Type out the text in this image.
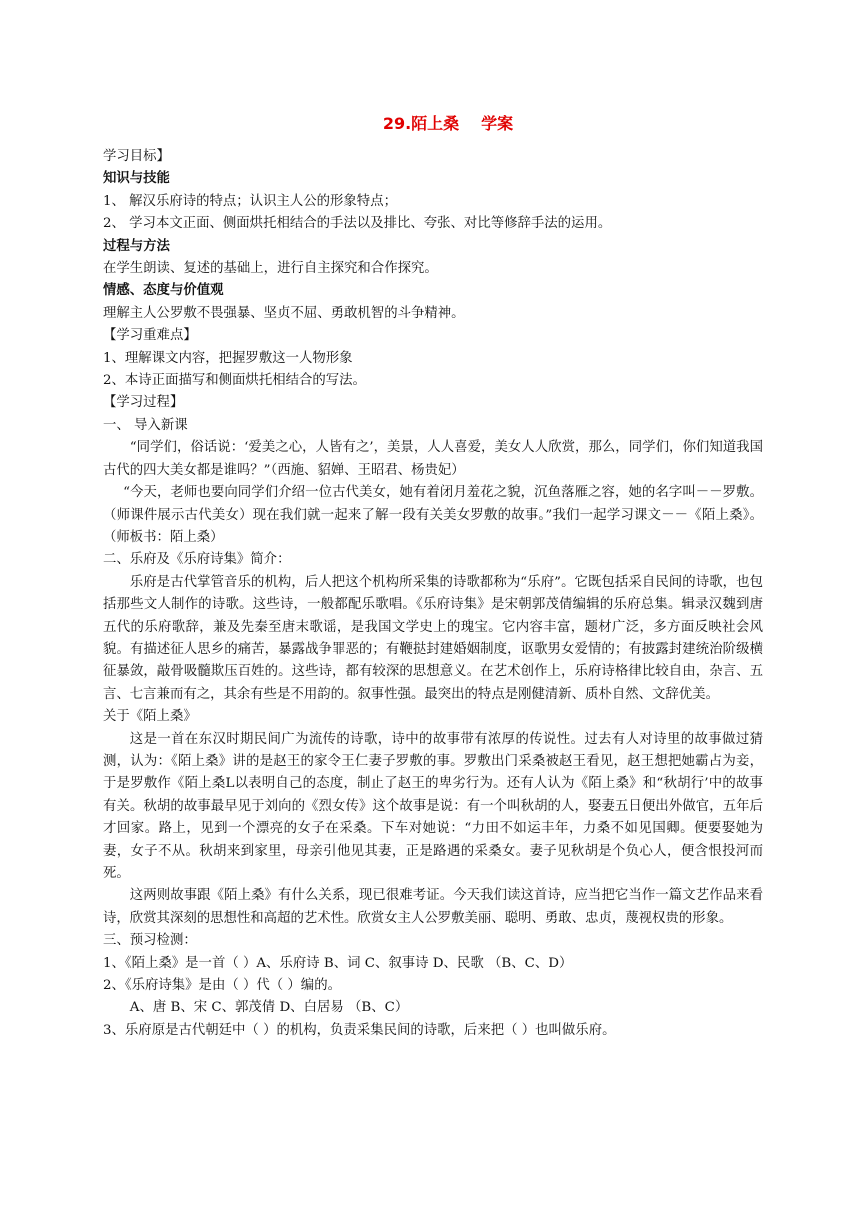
29.陌上桑 学案
学习目标】
知识与技能
1、 解汉乐府诗的特点；认识主人公的形象特点；
2、 学习本文正面、侧面烘托相结合的手法以及排比、夸张、对比等修辞手法的运用。
过程与方法
在学生朗读、复述的基础上，进行自主探究和合作探究。
情感、态度与价值观
理解主人公罗敷不畏强暴、坚贞不屈、勇敢机智的斗争精神。
【学习重难点】
1、理解课文内容，把握罗敷这一人物形象
2、本诗正面描写和侧面烘托相结合的写法。
【学习过程】
一、 导入新课
“同学们，俗话说：‘爱美之心，人皆有之’，美景，人人喜爱，美女人人欣赏，那么，同学们，你们知道我国古代的四大美女都是谁吗？”（西施、貂婵、王昭君、杨贵妃）
“今天，老师也要向同学们介绍一位古代美女，她有着闭月羞花之貌，沉鱼落雁之容，她的名字叫－－罗敷。（师课件展示古代美女）现在我们就一起来了解一段有关美女罗敷的故事。”我们一起学习课文－－《陌上桑》。（师板书：陌上桑）
二、乐府及《乐府诗集》简介：
乐府是古代掌管音乐的机构，后人把这个机构所采集的诗歌都称为“乐府”。它既包括采自民间的诗歌，也包括那些文人制作的诗歌。这些诗，一般都配乐歌唱。《乐府诗集》是宋朝郭茂倩编辑的乐府总集。辑录汉魏到唐五代的乐府歌辞，兼及先秦至唐末歌谣，是我国文学史上的瑰宝。它内容丰富，题材广泛，多方面反映社会风貌。有描述征人思乡的痛苦，暴露战争罪恶的；有鞭挞封建婚姻制度，讴歌男女爱情的；有披露封建统治阶级横征暴敛，敲骨吸髓欺压百姓的。这些诗，都有较深的思想意义。在艺术创作上，乐府诗格律比较自由，杂言、五言、七言兼而有之，其余有些是不用韵的。叙事性强。最突出的特点是刚健清新、质朴自然、文辞优美。
关于《陌上桑》
这是一首在东汉时期民间广为流传的诗歌，诗中的故事带有浓厚的传说性。过去有人对诗里的故事做过猜测，认为：《陌上桑》讲的是赵王的家令王仁妻子罗敷的事。罗敷出门采桑被赵王看见，赵王想把她霸占为妾，于是罗敷作《陌上桑L以表明自己的态度，制止了赵王的卑劣行为。还有人认为《陌上桑》和“秋胡行’中的故事有关。秋胡的故事最早见于刘向的《烈女传》这个故事是说：有一个叫秋胡的人，娶妻五日便出外做官，五年后才回家。路上，见到一个漂亮的女子在采桑。下车对她说：“力田不如运丰年，力桑不如见国卿。便要娶她为妻，女子不从。秋胡来到家里，母亲引他见其妻，正是路遇的采桑女。妻子见秋胡是个负心人，便含恨投河而死。
这两则故事跟《陌上桑》有什么关系，现已很难考证。今天我们读这首诗，应当把它当作一篇文艺作品来看诗，欣赏其深刻的思想性和高超的艺术性。欣赏女主人公罗敷美丽、聪明、勇敢、忠贞，蔑视权贵的形象。
三、预习检测：
1、《陌上桑》是一首（ ）A、乐府诗 B、词 C、叙事诗 D、民歌 （B、C、D）
2、《乐府诗集》是由（ ）代（ ）编的。
A、唐 B、宋 C、郭茂倩 D、白居易 （B、C）
3、乐府原是古代朝廷中（ ）的机构，负责采集民间的诗歌，后来把（ ）也叫做乐府。
